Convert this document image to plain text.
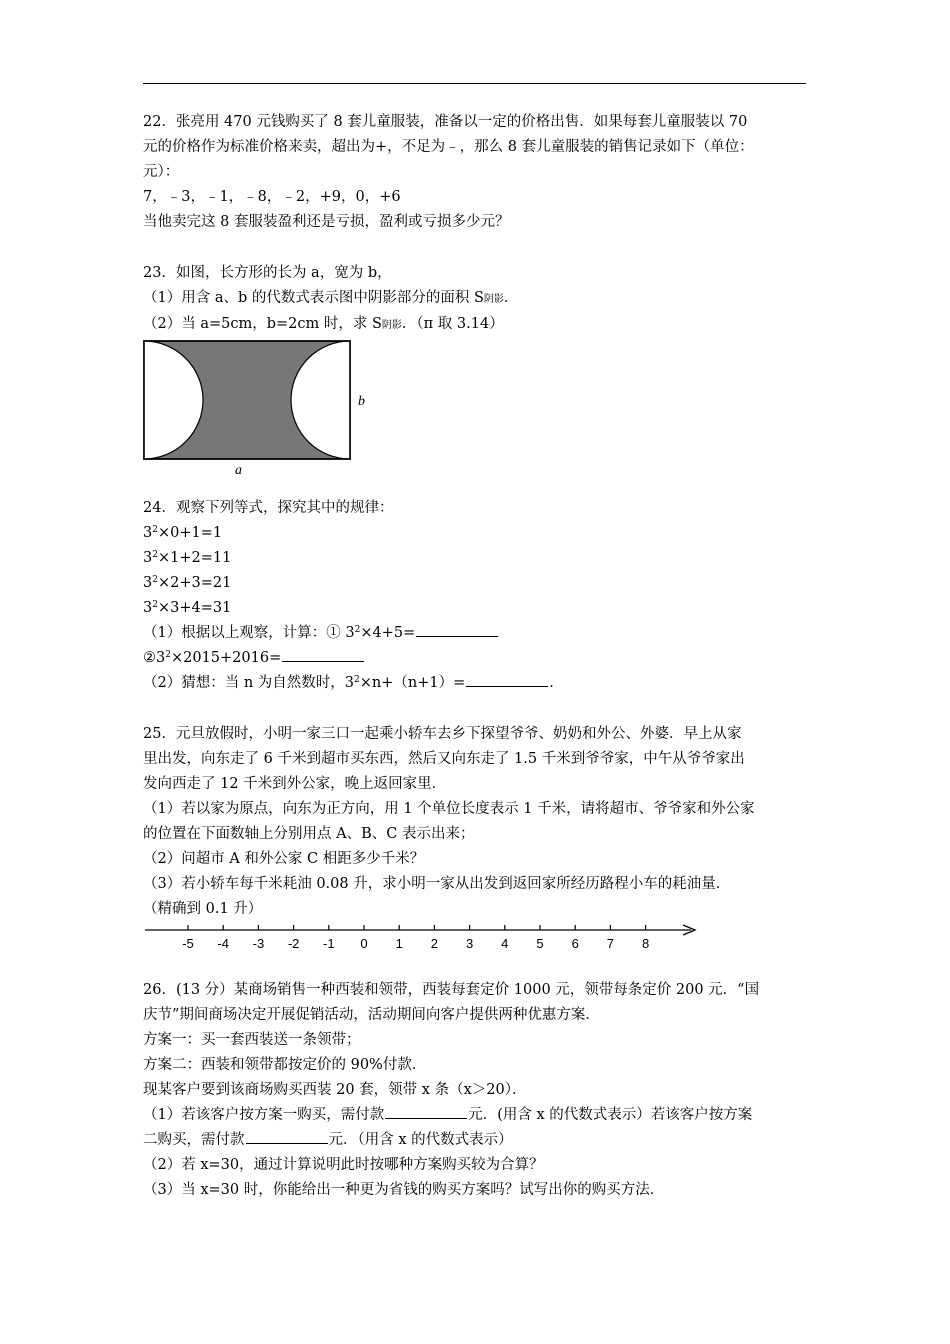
22．张亮用 470 元钱购买了 8 套儿童服装，准备以一定的价格出售．如果每套儿童服装以 70

元的价格作为标准价格来卖，超出为+，不足为﹣，那么 8 套儿童服装的销售记录如下（单位：

元）：

7，﹣3，﹣1，﹣8，﹣2，+9，0，+6

当他卖完这 8 套服装盈利还是亏损，盈利或亏损多少元？

23．如图，长方形的长为 a，宽为 b，

（1）用含 a、b 的代数式表示图中阴影部分的面积 S阴影．

（2）当 a=5cm，b=2cm 时，求 S阴影．（π 取 3.14）

b
a

24．观察下列等式，探究其中的规律：

$3^2\times 0+1=1$

$3^2\times 1+2=11$

$3^2\times 2+3=21$

$3^2\times 3+4=31$

（1）根据以上观察，计算：① $3^2\times 4+5=$

$②3^2\times 2015+2016=$

（2）猜想：当 n 为自然数时，$3^2\times n+(n+1)=$	．

25．元旦放假时，小明一家三口一起乘小轿车去乡下探望爷爷、奶奶和外公、外婆．早上从家

里出发，向东走了 6 千米到超市买东西，然后又向东走了 1.5 千米到爷爷家，中午从爷爷家出

发向西走了 12 千米到外公家，晚上返回家里．

（1）若以家为原点，向东为正方向，用 1 个单位长度表示 1 千米，请将超市、爷爷家和外公家

的位置在下面数轴上分别用点 A、B、C 表示出来；

（2）问超市 A 和外公家 C 相距多少千米？

（3）若小轿车每千米耗油 0.08 升，求小明一家从出发到返回家所经历路程小车的耗油量．

（精确到 0.1 升）

-5 -4 -3 -2 -1 0 1 2 3 4 5 6 7 8

26．(13 分）某商场销售一种西装和领带，西装每套定价 1000 元，领带每条定价 200 元．“国

庆节”期间商场决定开展促销活动，活动期间向客户提供两种优惠方案．

方案一：买一套西装送一条领带；

方案二：西装和领带都按定价的 90%付款．

现某客户要到该商场购买西装 20 套，领带 x 条（x＞20）．

（1）若该客户按方案一购买，需付款	元．(用含 x 的代数式表示）若该客户按方案

二购买，需付款	元．（用含 x 的代数式表示）

（2）若 x=30，通过计算说明此时按哪种方案购买较为合算？

（3）当 x=30 时，你能给出一种更为省钱的购买方案吗？试写出你的购买方法．
